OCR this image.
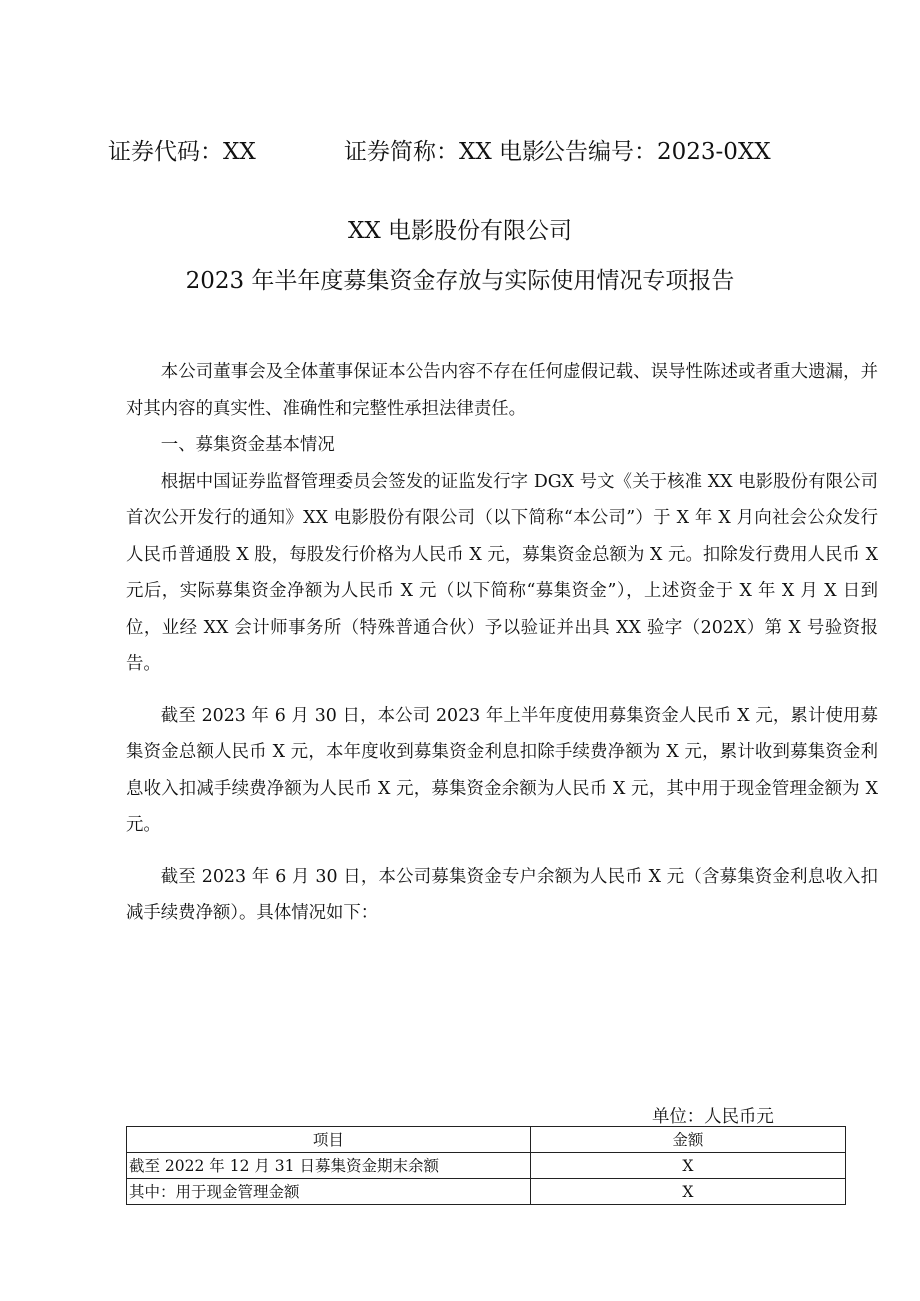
证券代码：XX	证券简称：XX 电影
公告编号：2023-0XX
XX 电影股份有限公司
2023 年半年度募集资金存放与实际使用情况专项报告

本公司董事会及全体董事保证本公告内容不存在任何虚假记载、误导性陈述或者重大遗漏，并对其内容的真实性、准确性和完整性承担法律责任。

一、募集资金基本情况

根据中国证券监督管理委员会签发的证监发行字 DGX 号文《关于核准 XX 电影股份有限公司首次公开发行的通知》XX 电影股份有限公司（以下简称“本公司”）于 X 年 X 月向社会公众发行人民币普通股 X 股，每股发行价格为人民币 X 元，募集资金总额为 X 元。扣除发行费用人民币 X 元后，实际募集资金净额为人民币 X 元（以下简称“募集资金”），上述资金于 X 年 X 月 X 日到位，业经 XX 会计师事务所（特殊普通合伙）予以验证并出具 XX 验字（202X）第 X 号验资报告。

截至 2023 年 6 月 30 日，本公司 2023 年上半年度使用募集资金人民币 X 元，累计使用募集资金总额人民币 X 元，本年度收到募集资金利息扣除手续费净额为 X 元，累计收到募集资金利息收入扣减手续费净额为人民币 X 元，募集资金余额为人民币 X 元，其中用于现金管理金额为 X 元。

截至 2023 年 6 月 30 日，本公司募集资金专户余额为人民币 X 元（含募集资金利息收入扣减手续费净额）。具体情况如下：

单位：人民币元
项目	金额
截至 2022 年 12 月 31 日募集资金期末余额	X
其中：用于现金管理金额	X
